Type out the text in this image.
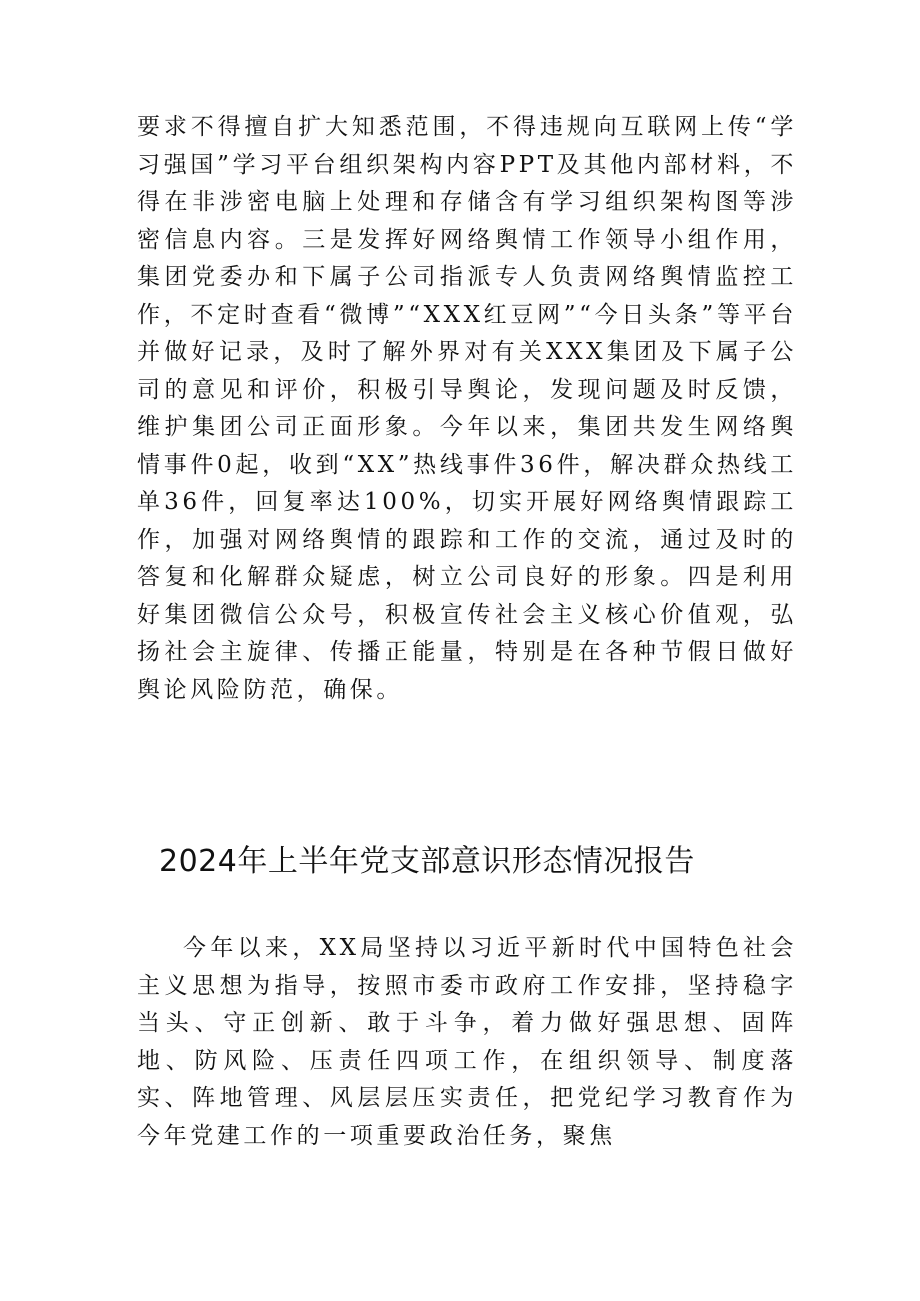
要求不得擅自扩大知悉范围，不得违规向互联网上传“学习强国”学习平台组织架构内容PPT及其他内部材料，不得在非涉密电脑上处理和存储含有学习组织架构图等涉密信息内容。三是发挥好网络舆情工作领导小组作用，集团党委办和下属子公司指派专人负责网络舆情监控工作，不定时查看“微博”“XXX红豆网”“今日头条”等平台并做好记录，及时了解外界对有关XXX集团及下属子公司的意见和评价，积极引导舆论，发现问题及时反馈，维护集团公司正面形象。今年以来，集团共发生网络舆情事件0起，收到“XX”热线事件36件，解决群众热线工单36件，回复率达100%，切实开展好网络舆情跟踪工作，加强对网络舆情的跟踪和工作的交流，通过及时的答复和化解群众疑虑，树立公司良好的形象。四是利用好集团微信公众号，积极宣传社会主义核心价值观，弘扬社会主旋律、传播正能量，特别是在各种节假日做好舆论风险防范，确保。

2024年上半年党支部意识形态情况报告

今年以来，XX局坚持以习近平新时代中国特色社会主义思想为指导，按照市委市政府工作安排，坚持稳字当头、守正创新、敢于斗争，着力做好强思想、固阵地、防风险、压责任四项工作，在组织领导、制度落实、阵地管理、风层层压实责任，把党纪学习教育作为今年党建工作的一项重要政治任务，聚焦
